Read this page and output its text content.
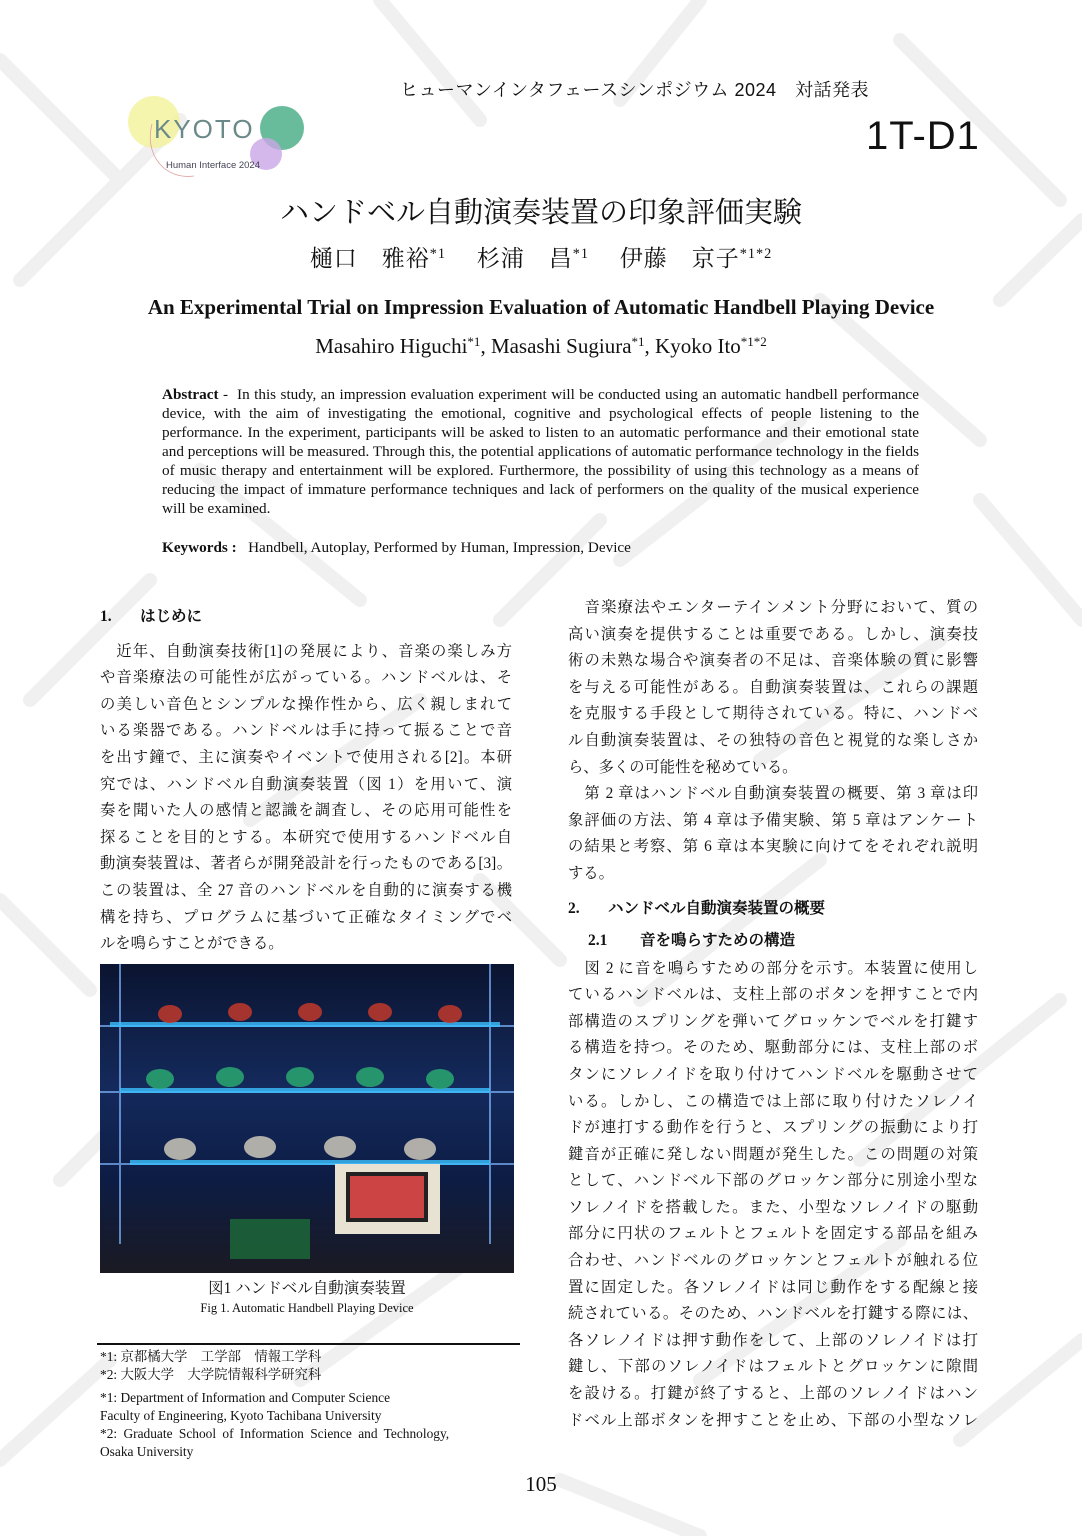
ヒューマンインタフェースシンポジウム 2024　対話発表
1T-D1
KYOTO
Human Interface 2024
ハンドベル自動演奏装置の印象評価実験
樋口　雅裕$^{*1}$　 杉浦　昌$^{*1}$　 伊藤　京子$^{*1*2}$
An Experimental Trial on Impression Evaluation of Automatic Handbell Playing Device
Masahiro Higuchi$^{*1}$, Masashi Sugiura$^{*1}$, Kyoko Ito$^{*1*2}$
Abstract -  In this study, an impression evaluation experiment will be conducted using an automatic handbell performance device, with the aim of investigating the emotional, cognitive and psychological effects of people listening to the performance. In the experiment, participants will be asked to listen to an automatic performance and their emotional state and perceptions will be measured. Through this, the potential applications of automatic performance technology in the fields of music therapy and entertainment will be explored. Furthermore, the possibility of using this technology as a means of reducing the impact of immature performance techniques and lack of performers on the quality of the musical experience will be examined.
Keywords : Handbell, Autoplay, Performed by Human, Impression, Device
1. はじめに
　近年、自動演奏技術[1]の発展により、音楽の楽しみ方
や音楽療法の可能性が広がっている。ハンドベルは、そ
の美しい音色とシンプルな操作性から、広く親しまれて
いる楽器である。ハンドベルは手に持って振ることで音
を出す鐘で、主に演奏やイベントで使用される[2]。本研
究では、ハンドベル自動演奏装置（図 1）を用いて、演
奏を聞いた人の感情と認識を調査し、その応用可能性を
探ることを目的とする。本研究で使用するハンドベル自
動演奏装置は、著者らが開発設計を行ったものである[3]。
この装置は、全 27 音のハンドベルを自動的に演奏する機
構を持ち、プログラムに基づいて正確なタイミングでベ
ルを鳴らすことができる。
図1 ハンドベル自動演奏装置
Fig 1. Automatic Handbell Playing Device
*1: 京都橘大学　工学部　情報工学科
*2: 大阪大学　大学院情報科学研究科
*1: Department of Information and Computer Science
Faculty of Engineering, Kyoto Tachibana University
*2: Graduate School of Information Science and Technology,
Osaka University
　音楽療法やエンターテインメント分野において、質の
高い演奏を提供することは重要である。しかし、演奏技
術の未熟な場合や演奏者の不足は、音楽体験の質に影響
を与える可能性がある。自動演奏装置は、これらの課題
を克服する手段として期待されている。特に、ハンドベ
ル自動演奏装置は、その独特の音色と視覚的な楽しさか
ら、多くの可能性を秘めている。
　第 2 章はハンドベル自動演奏装置の概要、第 3 章は印
象評価の方法、第 4 章は予備実験、第 5 章はアンケート
の結果と考察、第 6 章は本実験に向けてをそれぞれ説明
する。
2. ハンドベル自動演奏装置の概要
2.1 音を鳴らすための構造
　図 2 に音を鳴らすための部分を示す。本装置に使用し
ているハンドベルは、支柱上部のボタンを押すことで内
部構造のスプリングを弾いてグロッケンでベルを打鍵す
る構造を持つ。そのため、駆動部分には、支柱上部のボ
タンにソレノイドを取り付けてハンドベルを駆動させて
いる。しかし、この構造では上部に取り付けたソレノイ
ドが連打する動作を行うと、スプリングの振動により打
鍵音が正確に発しない問題が発生した。この問題の対策
として、ハンドベル下部のグロッケン部分に別途小型な
ソレノイドを搭載した。また、小型なソレノイドの駆動
部分に円状のフェルトとフェルトを固定する部品を組み
合わせ、ハンドベルのグロッケンとフェルトが触れる位
置に固定した。各ソレノイドは同じ動作をする配線と接
続されている。そのため、ハンドベルを打鍵する際には、
各ソレノイドは押す動作をして、上部のソレノイドは打
鍵し、下部のソレノイドはフェルトとグロッケンに隙間
を設ける。打鍵が終了すると、上部のソレノイドはハン
ドベル上部ボタンを押すことを止め、下部の小型なソレ
105
